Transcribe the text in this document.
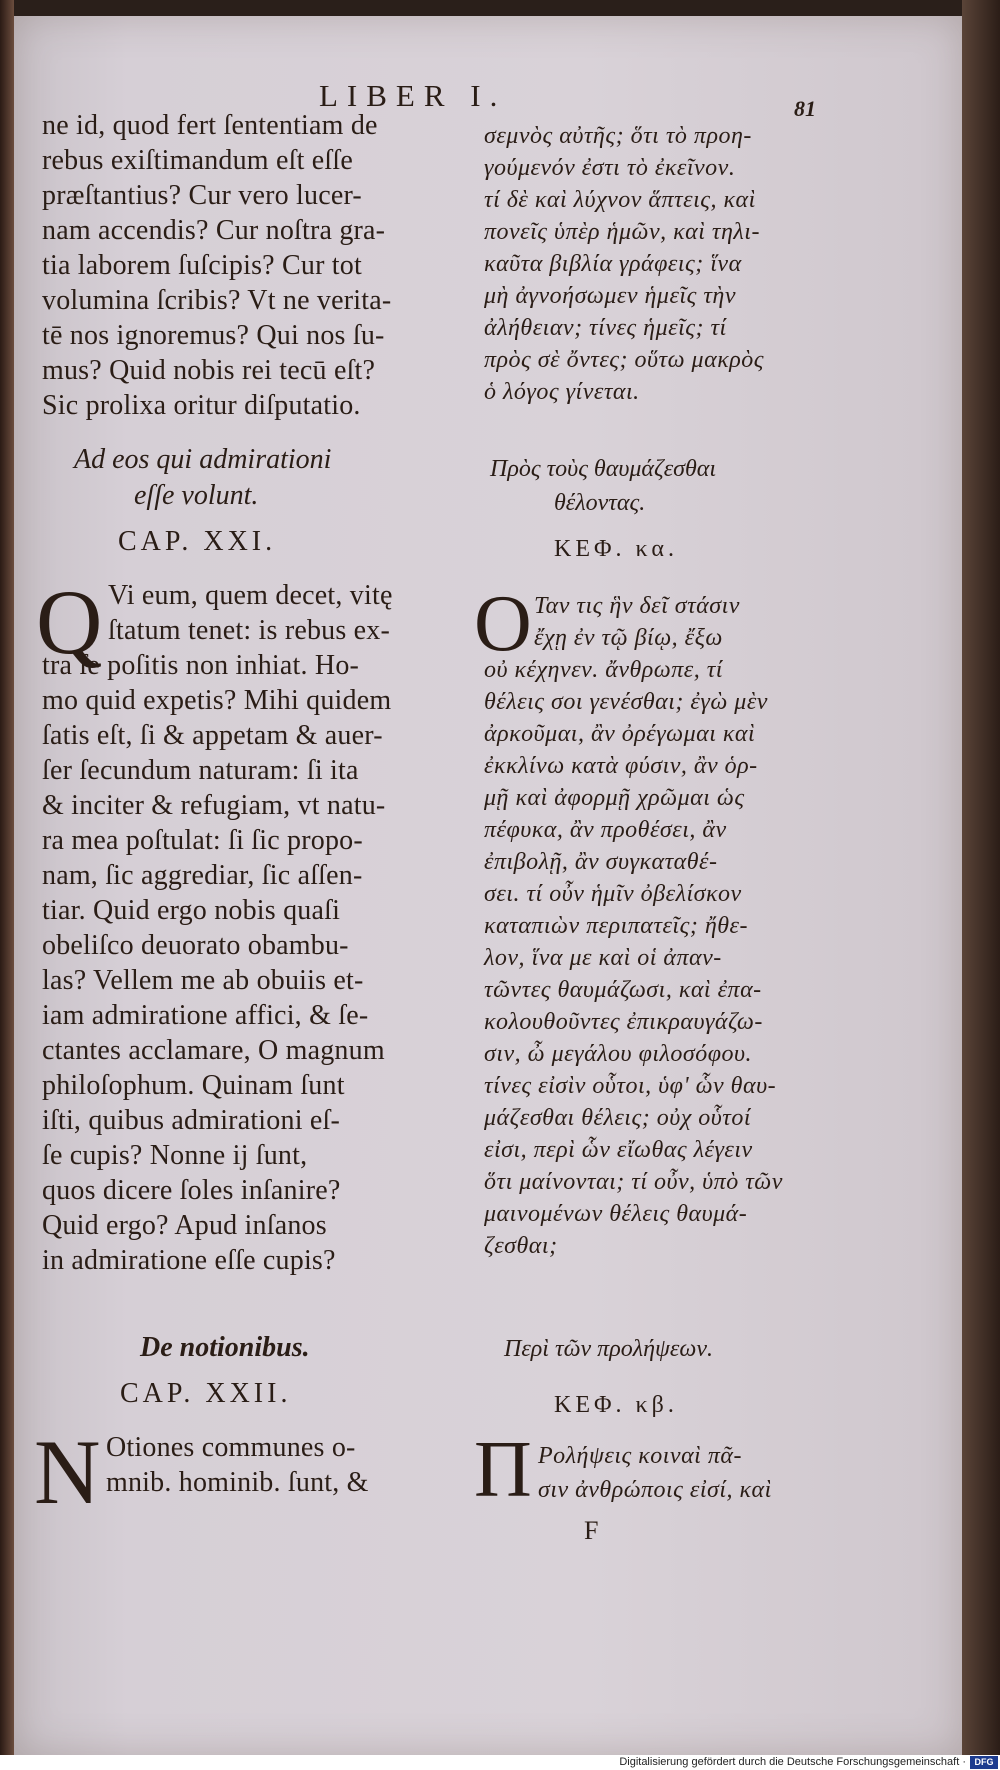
LIBER I.	81
ne id, quod fert ſententiam de
rebus exiſtimandum eſt eſſe
præſtantius? Cur vero lucer-
nam accendis? Cur noſtra gra-
tia laborem ſuſcipis? Cur tot
volumina ſcribis? Vt ne verita-
tē nos ignoremus? Qui nos ſu-
mus? Quid nobis rei tecū eſt?
Sic prolixa oritur diſputatio.
Ad eos qui admirationi
eſſe volunt.
CAP. XXI.
Q Vi eum, quem decet, vitę
ſtatum tenet: is rebus ex-
tra ſe poſitis non inhiat. Ho-
mo quid expetis? Mihi quidem
ſatis eſt, ſi & appetam & auer-
ſer ſecundum naturam: ſi ita
& inciter & refugiam, vt natu-
ra mea poſtulat: ſi ſic propo-
nam, ſic aggrediar, ſic aſſen-
tiar. Quid ergo nobis quaſi
obeliſco deuorato obambu-
las? Vellem me ab obuiis et-
iam admiratione affici, & ſe-
ctantes acclamare, O magnum
philoſophum. Quinam ſunt
iſti, quibus admirationi eſ-
ſe cupis? Nonne ij ſunt,
quos dicere ſoles inſanire?
Quid ergo? Apud inſanos
in admiratione eſſe cupis?
De notionibus.
CAP. XXII.
N Otiones communes o-
mnib. hominib. ſunt, &
σεμνὸς αὐτῆς; ὅτι τὸ προη-
γούμενόν ἐστι τὸ ἐκεῖνον.
τί δὲ καὶ λύχνον ἅπτεις, καὶ
πονεῖς ὑπὲρ ἡμῶν, καὶ τηλι-
καῦτα βιβλία γράφεις; ἵνα
μὴ ἀγνοήσωμεν ἡμεῖς τὴν
ἀλήθειαν; τίνες ἡμεῖς; τί
πρὸς σὲ ὄντες; οὕτω μακρὸς
ὁ λόγος γίνεται.
Πρὸς τοὺς θαυμάζεσθαι
θέλοντας.
ΚΕΦ. κα.
O Ταν τις ἣν δεῖ στάσιν
ἔχῃ ἐν τῷ βίῳ, ἔξω
οὐ κέχηνεν. ἄνθρωπε, τί
θέλεις σοι γενέσθαι; ἐγὼ μὲν
ἀρκοῦμαι, ἂν ὀρέγωμαι καὶ
ἐκκλίνω κατὰ φύσιν, ἂν ὁρ-
μῇ καὶ ἀφορμῇ χρῶμαι ὡς
πέφυκα, ἂν προθέσει, ἂν
ἐπιβολῇ, ἂν συγκαταθέ-
σει. τί οὖν ἡμῖν ὀβελίσκον
καταπιὼν περιπατεῖς; ἤθε-
λον, ἵνα με καὶ οἱ ἀπαν-
τῶντες θαυμάζωσι, καὶ ἐπα-
κολουθοῦντες ἐπικραυγάζω-
σιν, ὦ μεγάλου φιλοσόφου.
τίνες εἰσὶν οὗτοι, ὑφ' ὧν θαυ-
μάζεσθαι θέλεις; οὐχ οὗτοί
εἰσι, περὶ ὧν εἴωθας λέγειν
ὅτι μαίνονται; τί οὖν, ὑπὸ τῶν
μαινομένων θέλεις θαυμά-
ζεσθαι;
Περὶ τῶν προλήψεων.
ΚΕΦ. κβ.
Π Ρολήψεις κοιναὶ πᾶ-
σιν ἀνθρώποις εἰσί, καὶ
F
Digitalisierung gefördert durch die Deutsche Forschungsgemeinschaft · DFG
